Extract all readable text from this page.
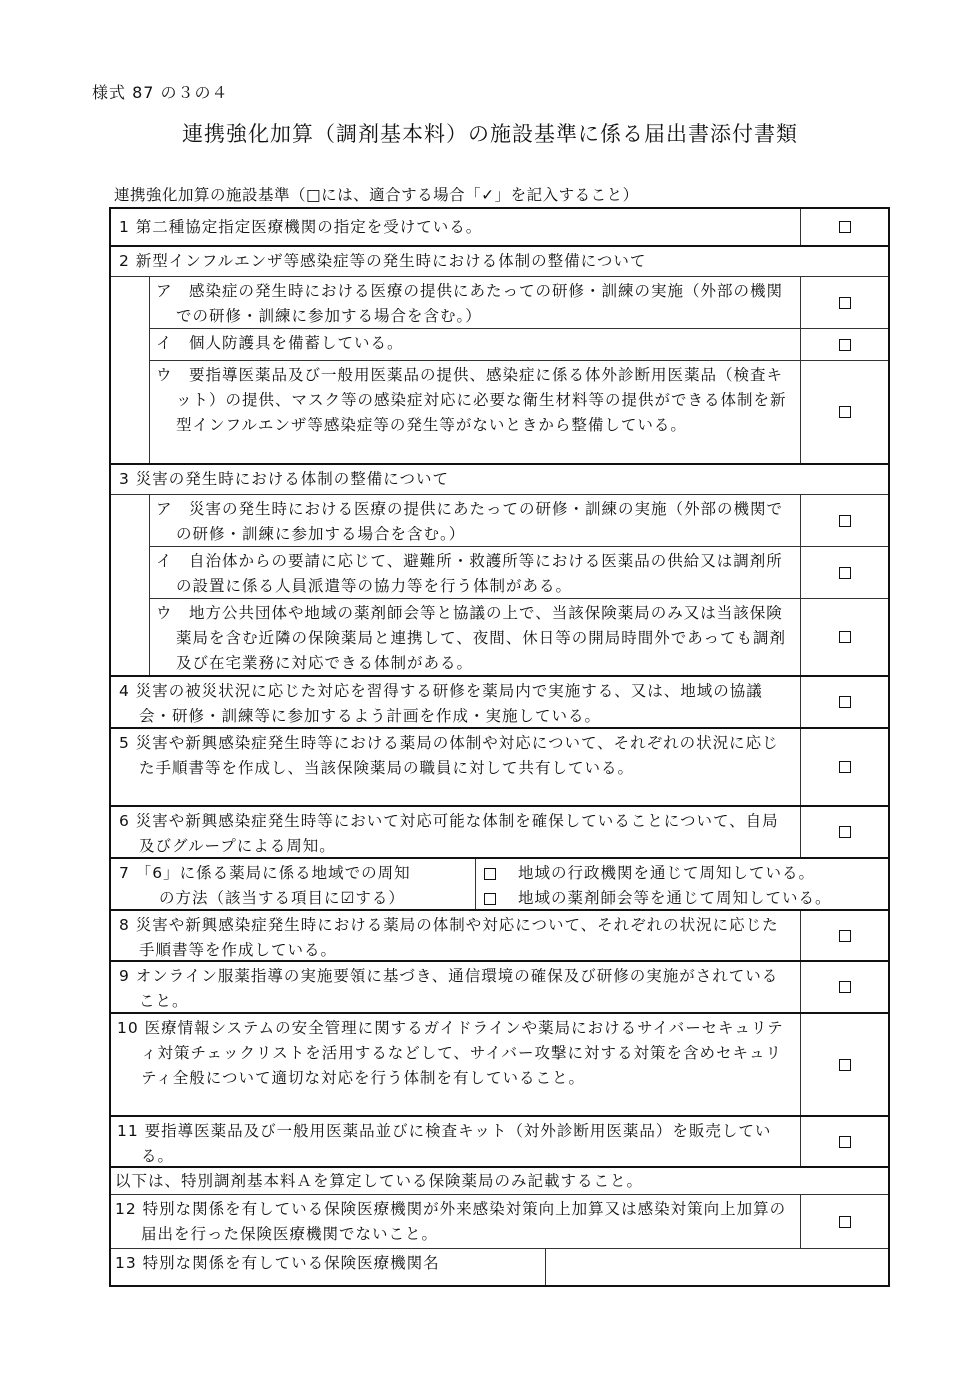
様式 87 の３の４
連携強化加算（調剤基本料）の施設基準に係る届出書添付書類
連携強化加算の施設基準（□には、適合する場合「✓」を記入すること）
1 第二種協定指定医療機関の指定を受けている。
2 新型インフルエンザ等感染症等の発生時における体制の整備について
ア　感染症の発生時における医療の提供にあたっての研修・訓練の実施（外部の機関での研修・訓練に参加する場合を含む。）
イ　個人防護具を備蓄している。
ウ　要指導医薬品及び一般用医薬品の提供、感染症に係る体外診断用医薬品（検査キット）の提供、マスク等の感染症対応に必要な衛生材料等の提供ができる体制を新型インフルエンザ等感染症等の発生等がないときから整備している。
3 災害の発生時における体制の整備について
ア　災害の発生時における医療の提供にあたっての研修・訓練の実施（外部の機関での研修・訓練に参加する場合を含む。）
イ　自治体からの要請に応じて、避難所・救護所等における医薬品の供給又は調剤所の設置に係る人員派遣等の協力等を行う体制がある。
ウ　地方公共団体や地域の薬剤師会等と協議の上で、当該保険薬局のみ又は当該保険薬局を含む近隣の保険薬局と連携して、夜間、休日等の開局時間外であっても調剤及び在宅業務に対応できる体制がある。
4 災害の被災状況に応じた対応を習得する研修を薬局内で実施する、又は、地域の協議会・研修・訓練等に参加するよう計画を作成・実施している。
5 災害や新興感染症発生時等における薬局の体制や対応について、それぞれの状況に応じた手順書等を作成し、当該保険薬局の職員に対して共有している。
6 災害や新興感染症発生時等において対応可能な体制を確保していることについて、自局及びグループによる周知。
7 「6」に係る薬局に係る地域での周知
の方法（該当する項目に☑する）
地域の行政機関を通じて周知している。
地域の薬剤師会等を通じて周知している。
8 災害や新興感染症発生時における薬局の体制や対応について、それぞれの状況に応じた手順書等を作成している。
9 オンライン服薬指導の実施要領に基づき、通信環境の確保及び研修の実施がされていること。
10 医療情報システムの安全管理に関するガイドラインや薬局におけるサイバーセキュリティ対策チェックリストを活用するなどして、サイバー攻撃に対する対策を含めセキュリティ全般について適切な対応を行う体制を有していること。
11 要指導医薬品及び一般用医薬品並びに検査キット（対外診断用医薬品）を販売している。
以下は、特別調剤基本料Ａを算定している保険薬局のみ記載すること。
12 特別な関係を有している保険医療機関が外来感染対策向上加算又は感染対策向上加算の届出を行った保険医療機関でないこと。
13 特別な関係を有している保険医療機関名
